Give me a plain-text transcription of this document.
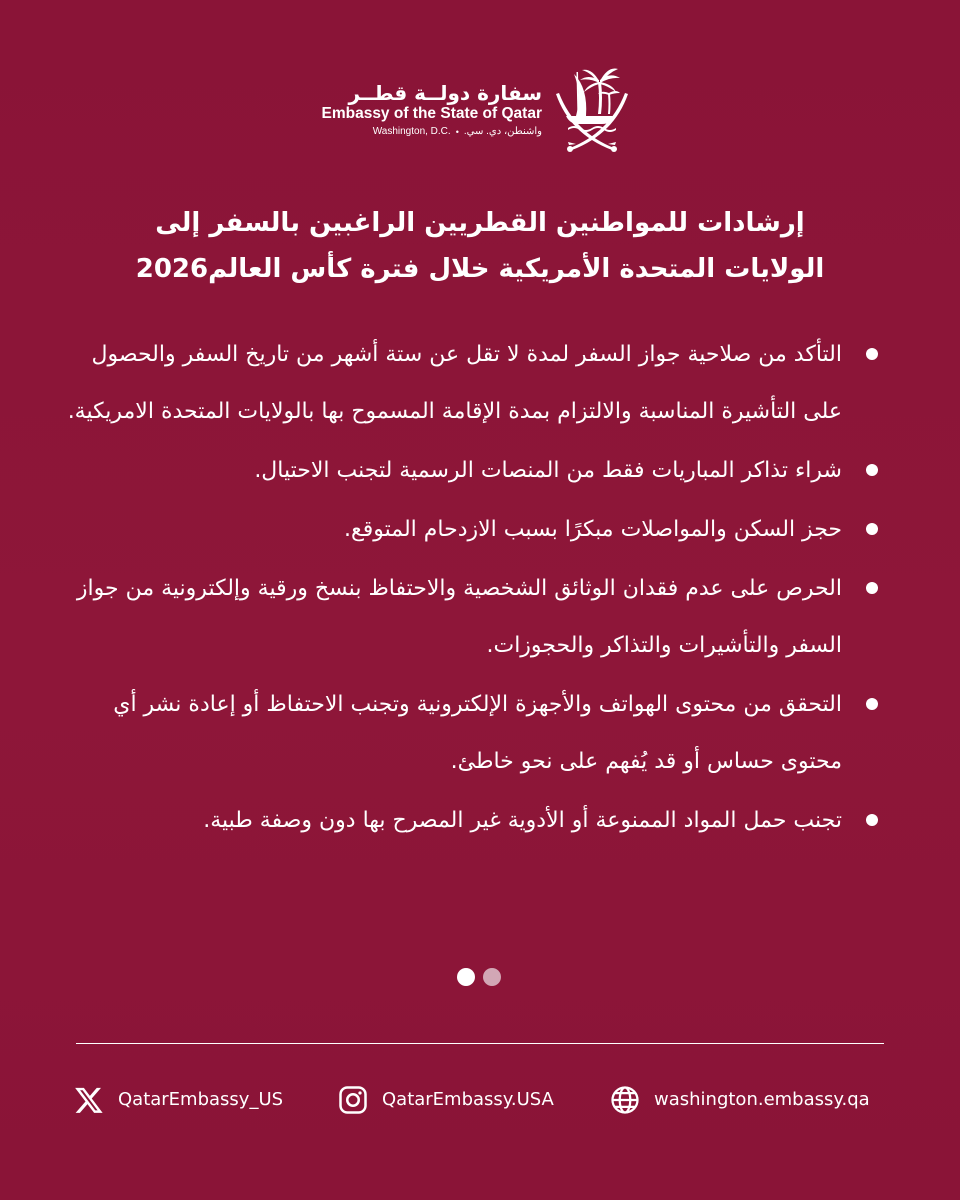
سفارة دولــة قطــر
Embassy of the State of Qatar
Washington, D.C. • واشنطن، دي. سي.
إرشادات للمواطنين القطريين الراغبين بالسفر إلى
الولايات المتحدة الأمريكية خلال فترة كأس العالم2026
التأكد من صلاحية جواز السفر لمدة لا تقل عن ستة أشهر من تاريخ السفر والحصول على التأشيرة المناسبة والالتزام بمدة الإقامة المسموح بها بالولايات المتحدة الامريكية.
شراء تذاكر المباريات فقط من المنصات الرسمية لتجنب الاحتيال.
حجز السكن والمواصلات مبكرًا بسبب الازدحام المتوقع.
الحرص على عدم فقدان الوثائق الشخصية والاحتفاظ بنسخ ورقية وإلكترونية من جواز السفر والتأشيرات والتذاكر والحجوزات.
التحقق من محتوى الهواتف والأجهزة الإلكترونية وتجنب الاحتفاظ أو إعادة نشر أي محتوى حساس أو قد يُفهم على نحو خاطئ.
تجنب حمل المواد الممنوعة أو الأدوية غير المصرح بها دون وصفة طبية.
QatarEmbassy_US	QatarEmbassy.USA	washington.embassy.qa
